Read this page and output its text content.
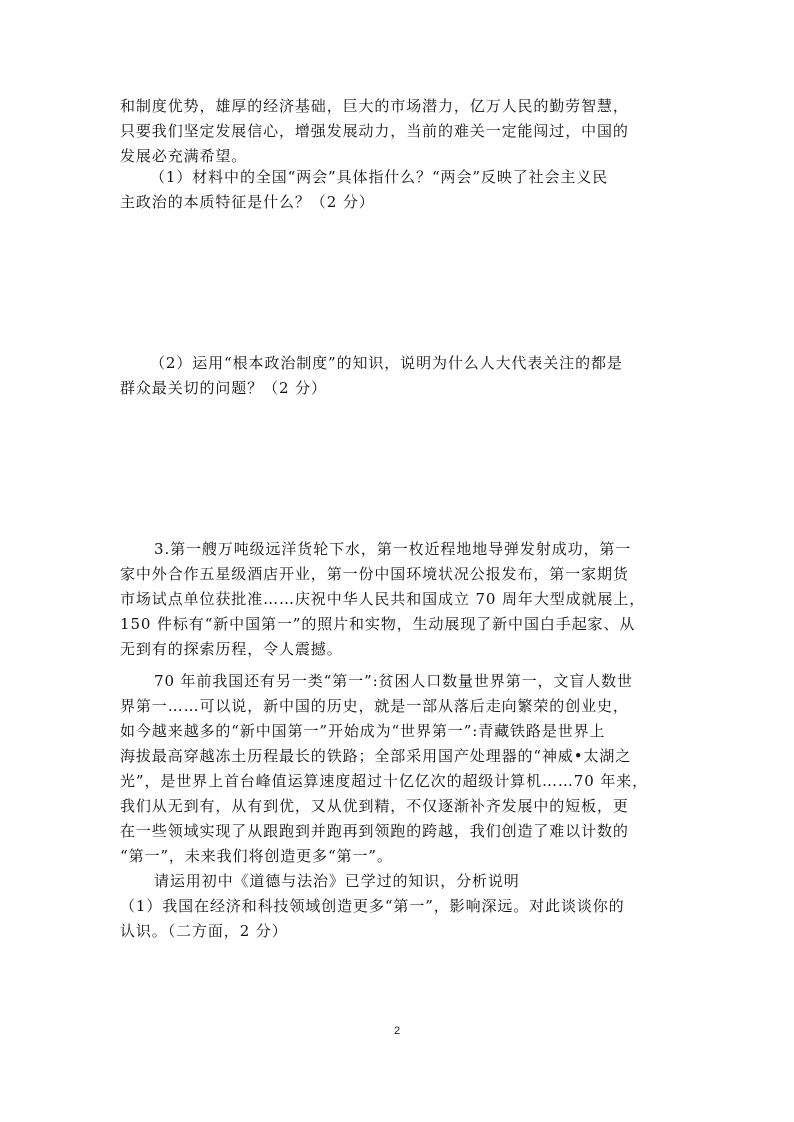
和制度优势，雄厚的经济基础，巨大的市场潜力，亿万人民的勤劳智慧，
只要我们坚定发展信心，增强发展动力，当前的难关一定能闯过，中国的
发展必充满希望。
（1）材料中的全国“两会”具体指什么？“两会”反映了社会主义民
主政治的本质特征是什么？（2 分）
（2）运用“根本政治制度”的知识，说明为什么人大代表关注的都是
群众最关切的问题？（2 分）
3.第一艘万吨级远洋货轮下水，第一枚近程地地导弹发射成功，第一
家中外合作五星级酒店开业，第一份中国环境状况公报发布，第一家期货
市场试点单位获批准……庆祝中华人民共和国成立 70 周年大型成就展上，
150 件标有“新中国第一”的照片和实物，生动展现了新中国白手起家、从
无到有的探索历程，令人震撼。
70 年前我国还有另一类“第一”:贫困人口数量世界第一，文盲人数世
界第一……可以说，新中国的历史，就是一部从落后走向繁荣的创业史，
如今越来越多的“新中国第一”开始成为“世界第一”:青藏铁路是世界上
海拔最高穿越冻土历程最长的铁路；全部采用国产处理器的“神威•太湖之
光”，是世界上首台峰值运算速度超过十亿亿次的超级计算机……70 年来，
我们从无到有，从有到优，又从优到精，不仅逐渐补齐发展中的短板，更
在一些领域实现了从跟跑到并跑再到领跑的跨越，我们创造了难以计数的
“第一”，未来我们将创造更多“第一”。
请运用初中《道德与法治》已学过的知识，分析说明
（1）我国在经济和科技领域创造更多“第一”，影响深远。对此谈谈你的
认识。（二方面，2 分）
2
